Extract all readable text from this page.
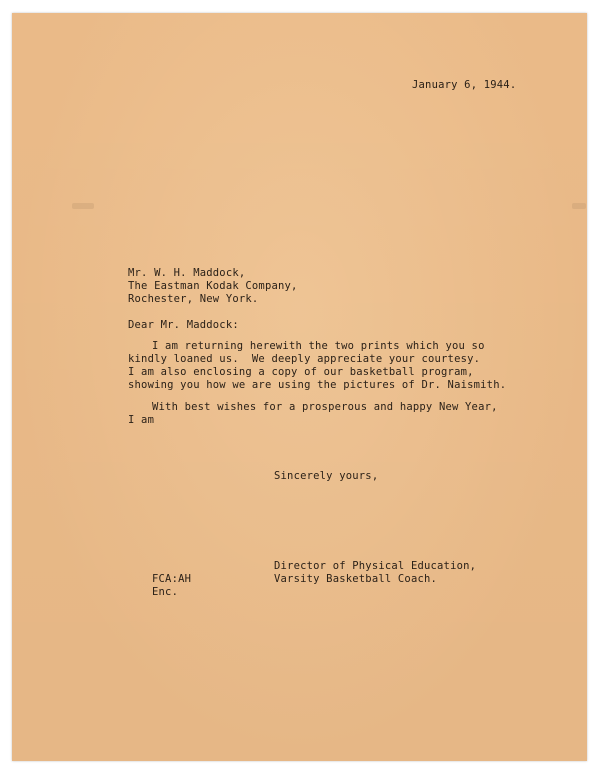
January 6, 1944.
Mr. W. H. Maddock,
The Eastman Kodak Company,
Rochester, New York.
Dear Mr. Maddock:
I am returning herewith the two prints which you so
kindly loaned us.  We deeply appreciate your courtesy.
I am also enclosing a copy of our basketball program,
showing you how we are using the pictures of Dr. Naismith.
With best wishes for a prosperous and happy New Year,
I am
Sincerely yours,
Director of Physical Education,
Varsity Basketball Coach.
FCA:AH
Enc.
